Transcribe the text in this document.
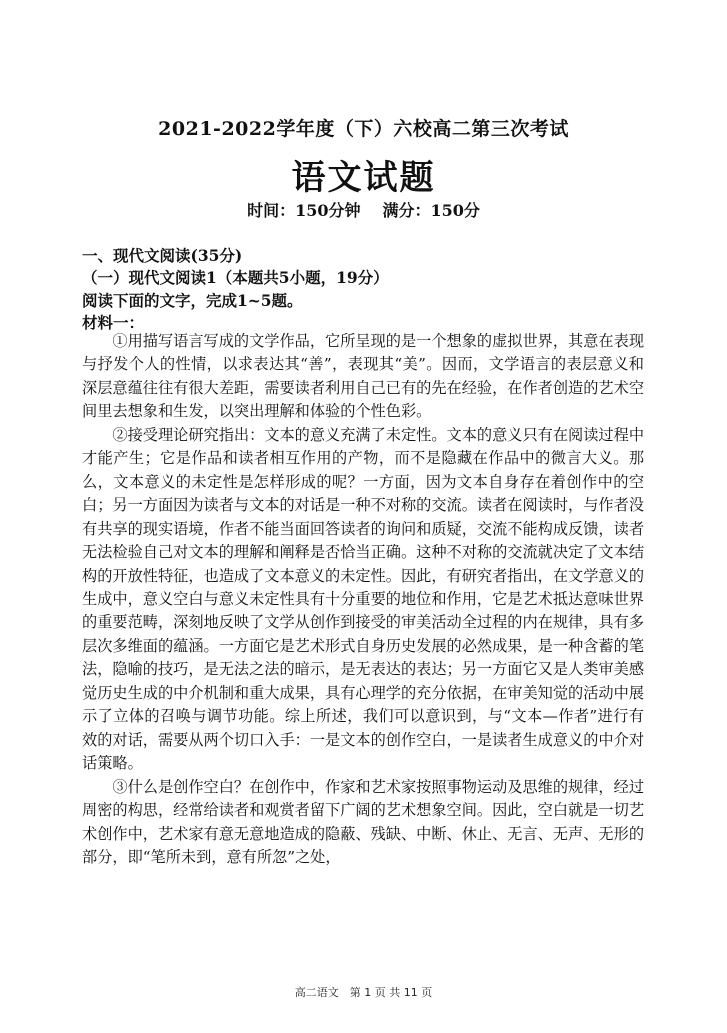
2021-2022学年度（下）六校高二第三次考试
语文试题
时间：150分钟 满分：150分
一、现代文阅读(35分)
（一）现代文阅读1（本题共5小题，19分）
阅读下面的文字，完成1~5题。
材料一：

①用描写语言写成的文学作品，它所呈现的是一个想象的虚拟世界，其意在表现与抒发个人的性情，以求表达其“善”，表现其“美”。因而，文学语言的表层意义和深层意蕴往往有很大差距，需要读者利用自己已有的先在经验，在作者创造的艺术空间里去想象和生发，以突出理解和体验的个性色彩。

②接受理论研究指出：文本的意义充满了未定性。文本的意义只有在阅读过程中才能产生；它是作品和读者相互作用的产物，而不是隐藏在作品中的微言大义。那么，文本意义的未定性是怎样形成的呢？一方面，因为文本自身存在着创作中的空白；另一方面因为读者与文本的对话是一种不对称的交流。读者在阅读时，与作者没有共享的现实语境，作者不能当面回答读者的询问和质疑，交流不能构成反馈，读者无法检验自己对文本的理解和阐释是否恰当正确。这种不对称的交流就决定了文本结构的开放性特征，也造成了文本意义的未定性。因此，有研究者指出，在文学意义的生成中，意义空白与意义未定性具有十分重要的地位和作用，它是艺术抵达意味世界的重要范畴，深刻地反映了文学从创作到接受的审美活动全过程的内在规律，具有多层次多维面的蕴涵。一方面它是艺术形式自身历史发展的必然成果，是一种含蓄的笔法，隐喻的技巧，是无法之法的暗示，是无表达的表达；另一方面它又是人类审美感觉历史生成的中介机制和重大成果，具有心理学的充分依据，在审美知觉的活动中展示了立体的召唤与调节功能。综上所述，我们可以意识到，与“文本—作者”进行有效的对话，需要从两个切口入手：一是文本的创作空白，一是读者生成意义的中介对话策略。

③什么是创作空白？在创作中，作家和艺术家按照事物运动及思维的规律，经过周密的构思，经常给读者和观赏者留下广阔的艺术想象空间。因此，空白就是一切艺术创作中，艺术家有意无意地造成的隐蔽、残缺、中断、休止、无言、无声、无形的部分，即“笔所未到，意有所忽”之处，

高二语文　第 1 页 共 11 页
